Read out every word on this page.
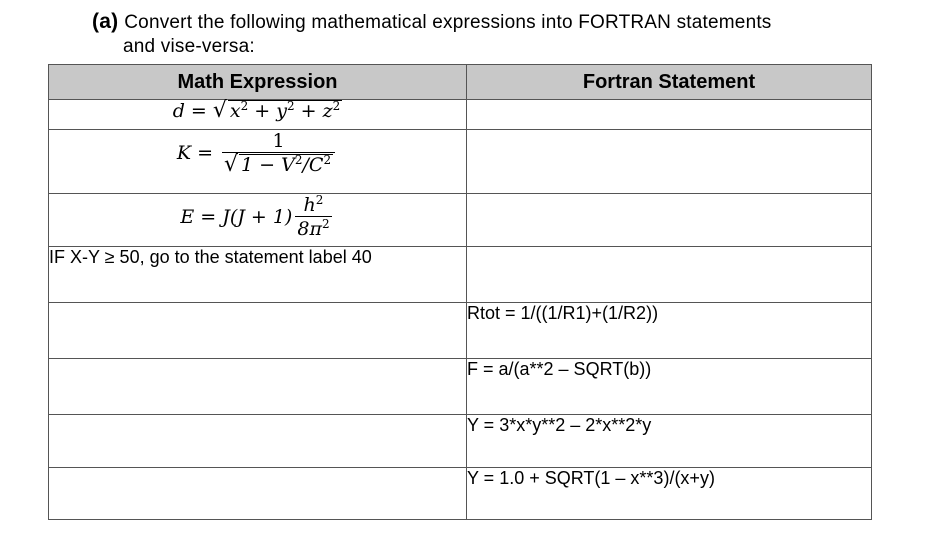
(a) Convert the following mathematical expressions into FORTRAN statements
and vise-versa:
Math Expression	Fortran Statement

d = √ $x^2 + y^2 + z^2$

$K = \frac{1}{√ 1 - V^2/C^2}$

$E = J(J + 1) \frac{h^2}{8\pi^2}$

IF X-Y ≥ 50, go to the statement label 40	
	Rtot = 1/((1/R1)+(1/R2))
	F = a/(a**2 – SQRT(b))
	Y = 3*x*y**2 – 2*x**2*y
	Y = 1.0 + SQRT(1 – x**3)/(x+y)
